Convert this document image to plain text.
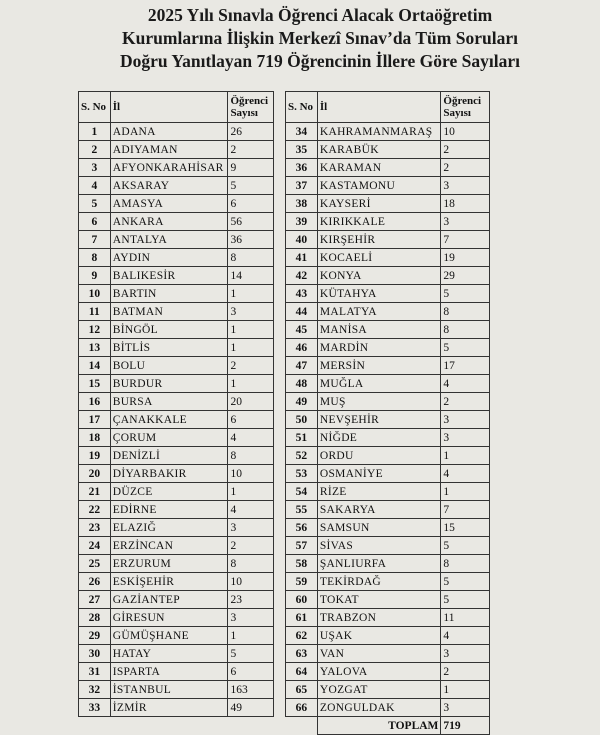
2025 Yılı Sınavla Öğrenci Alacak Ortaöğretim
Kurumlarına İlişkin Merkezî Sınav’da Tüm Soruları
Doğru Yanıtlayan 719 Öğrencinin İllere Göre Sayıları
S. No	İl	Öğrenci Sayısı
1	ADANA	26
2	ADIYAMAN	2
3	AFYONKARAHİSAR	9
4	AKSARAY	5
5	AMASYA	6
6	ANKARA	56
7	ANTALYA	36
8	AYDIN	8
9	BALIKESİR	14
10	BARTIN	1
11	BATMAN	3
12	BİNGÖL	1
13	BİTLİS	1
14	BOLU	2
15	BURDUR	1
16	BURSA	20
17	ÇANAKKALE	6
18	ÇORUM	4
19	DENİZLİ	8
20	DİYARBAKIR	10
21	DÜZCE	1
22	EDİRNE	4
23	ELAZIĞ	3
24	ERZİNCAN	2
25	ERZURUM	8
26	ESKİŞEHİR	10
27	GAZİANTEP	23
28	GİRESUN	3
29	GÜMÜŞHANE	1
30	HATAY	5
31	ISPARTA	6
32	İSTANBUL	163
33	İZMİR	49
S. No	İl	Öğrenci Sayısı
34	KAHRAMANMARAŞ	10
35	KARABÜK	2
36	KARAMAN	2
37	KASTAMONU	3
38	KAYSERİ	18
39	KIRIKKALE	3
40	KIRŞEHİR	7
41	KOCAELİ	19
42	KONYA	29
43	KÜTAHYA	5
44	MALATYA	8
45	MANİSA	8
46	MARDİN	5
47	MERSİN	17
48	MUĞLA	4
49	MUŞ	2
50	NEVŞEHİR	3
51	NİĞDE	3
52	ORDU	1
53	OSMANİYE	4
54	RİZE	1
55	SAKARYA	7
56	SAMSUN	15
57	SİVAS	5
58	ŞANLIURFA	8
59	TEKİRDAĞ	5
60	TOKAT	5
61	TRABZON	11
62	UŞAK	4
63	VAN	3
64	YALOVA	2
65	YOZGAT	1
66	ZONGULDAK	3
	TOPLAM	719
